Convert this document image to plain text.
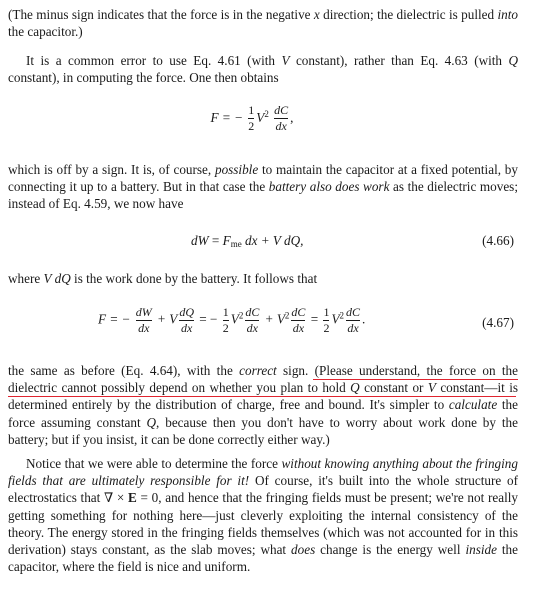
(The minus sign indicates that the force is in the negative x direction; the dielectric is pulled into the capacitor.)

It is a common error to use Eq. 4.61 (with V constant), rather than Eq. 4.63 (with Q constant), in computing the force. One then obtains

F = − $\frac{1}{2} V^2 \frac{dC}{dx}$ ,

which is off by a sign. It is, of course, possible to maintain the capacitor at a fixed potential, by connecting it up to a battery. But in that case the battery also does work as the dielectric moves; instead of Eq. 4.59, we now have

dW = $F_{me}$ dx + V dQ,	(4.66)

where V dQ is the work done by the battery. It follows that

F = − $\frac{dW}{dx} + V \frac{dQ}{dx}$ = − $\frac{1}{2} V^2 \frac{dC}{dx} + V^2 \frac{dC}{dx} = \frac{1}{2} V^2 \frac{dC}{dx}$ .	(4.67)

the same as before (Eq. 4.64), with the correct sign. (Please understand, the force on the dielectric cannot possibly depend on whether you plan to hold Q constant or V constant—it is determined entirely by the distribution of charge, free and bound. It's simpler to calculate the force assuming constant Q, because then you don't have to worry about work done by the battery; but if you insist, it can be done correctly either way.)

Notice that we were able to determine the force without knowing anything about the fringing fields that are ultimately responsible for it! Of course, it's built into the whole structure of electrostatics that ∇ × E = 0, and hence that the fringing fields must be present; we're not really getting something for nothing here—just cleverly exploiting the internal consistency of the theory. The energy stored in the fringing fields themselves (which was not accounted for in this derivation) stays constant, as the slab moves; what does change is the energy well inside the capacitor, where the field is nice and uniform.
